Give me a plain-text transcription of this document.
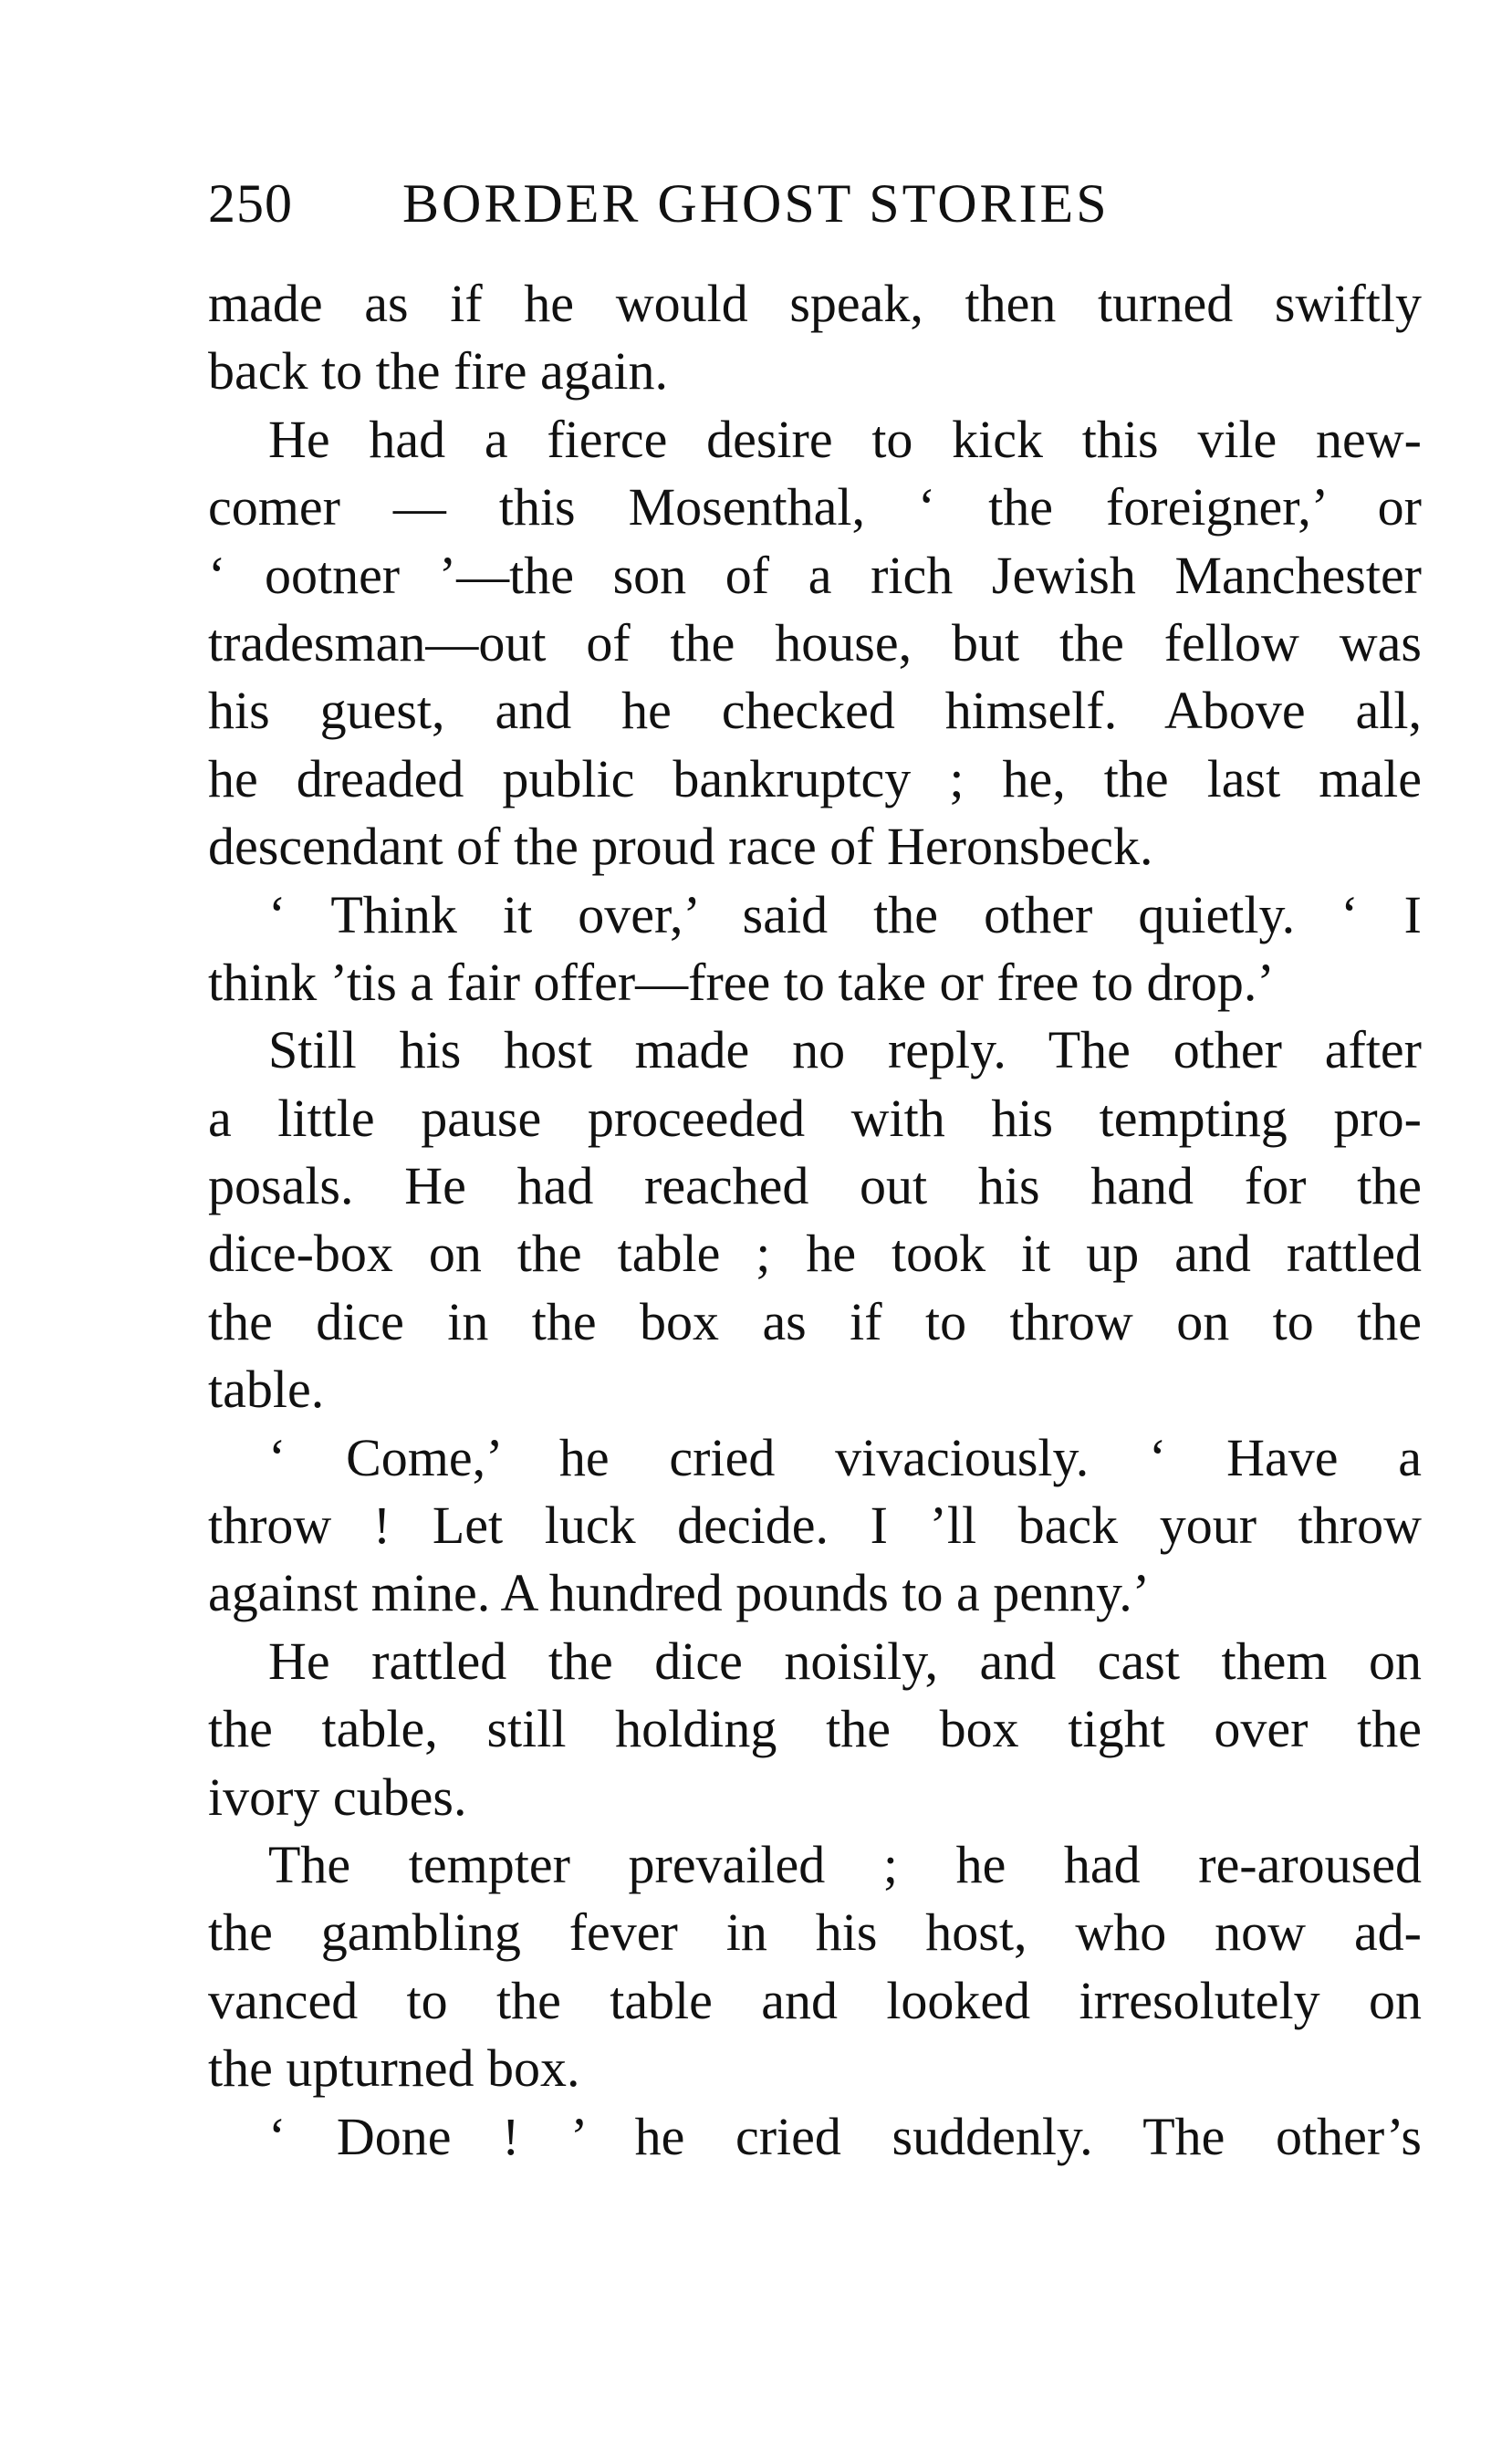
250 BORDER GHOST STORIES
made as if he would speak, then turned swiftly
back to the fire again.
He had a fierce desire to kick this vile new-
comer — this Mosenthal, ‘ the foreigner,’ or
‘ ootner ’—the son of a rich Jewish Manchester
tradesman—out of the house, but the fellow was
his guest, and he checked himself. Above all,
he dreaded public bankruptcy ; he, the last male
descendant of the proud race of Heronsbeck.
‘ Think it over,’ said the other quietly. ‘ I
think ’tis a fair offer—free to take or free to drop.’
Still his host made no reply. The other after
a little pause proceeded with his tempting pro-
posals. He had reached out his hand for the
dice-box on the table ; he took it up and rattled
the dice in the box as if to throw on to the
table.
‘ Come,’ he cried vivaciously. ‘ Have a
throw ! Let luck decide. I ’ll back your throw
against mine. A hundred pounds to a penny.’
He rattled the dice noisily, and cast them on
the table, still holding the box tight over the
ivory cubes.
The tempter prevailed ; he had re-aroused
the gambling fever in his host, who now ad-
vanced to the table and looked irresolutely on
the upturned box.
‘ Done ! ’ he cried suddenly. The other’s
